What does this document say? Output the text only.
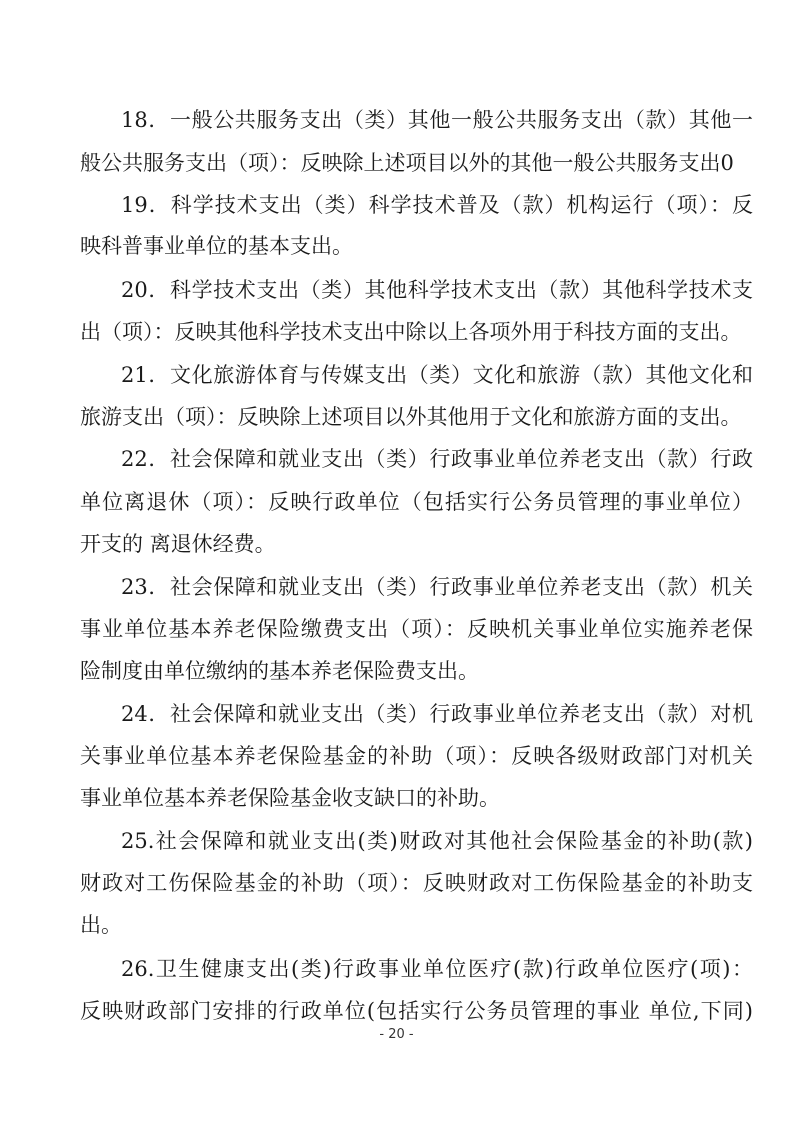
18．一般公共服务支出（类）其他一般公共服务支出（款）其他一
般公共服务支出（项）：反映除上述项目以外的其他一般公共服务支出0
19．科学技术支出（类）科学技术普及（款）机构运行（项）：反
映科普事业单位的基本支出。
20．科学技术支出（类）其他科学技术支出（款）其他科学技术支
出（项）：反映其他科学技术支出中除以上各项外用于科技方面的支出。
21．文化旅游体育与传媒支出（类）文化和旅游（款）其他文化和
旅游支出（项）：反映除上述项目以外其他用于文化和旅游方面的支出。
22．社会保障和就业支出（类）行政事业单位养老支出（款）行政
单位离退休（项）：反映行政单位（包括实行公务员管理的事业单位）
开支的 离退休经费。
23．社会保障和就业支出（类）行政事业单位养老支出（款）机关
事业单位基本养老保险缴费支出（项）：反映机关事业单位实施养老保
险制度由单位缴纳的基本养老保险费支出。
24．社会保障和就业支出（类）行政事业单位养老支出（款）对机
关事业单位基本养老保险基金的补助（项）：反映各级财政部门对机关
事业单位基本养老保险基金收支缺口的补助。
25.社会保障和就业支出(类)财政对其他社会保险基金的补助(款)
财政对工伤保险基金的补助（项）：反映财政对工伤保险基金的补助支
出。
26.卫生健康支出(类)行政事业单位医疗(款)行政单位医疗(项)：
反映财政部门安排的行政单位(包括实行公务员管理的事业 单位,下同)
- 20 -
